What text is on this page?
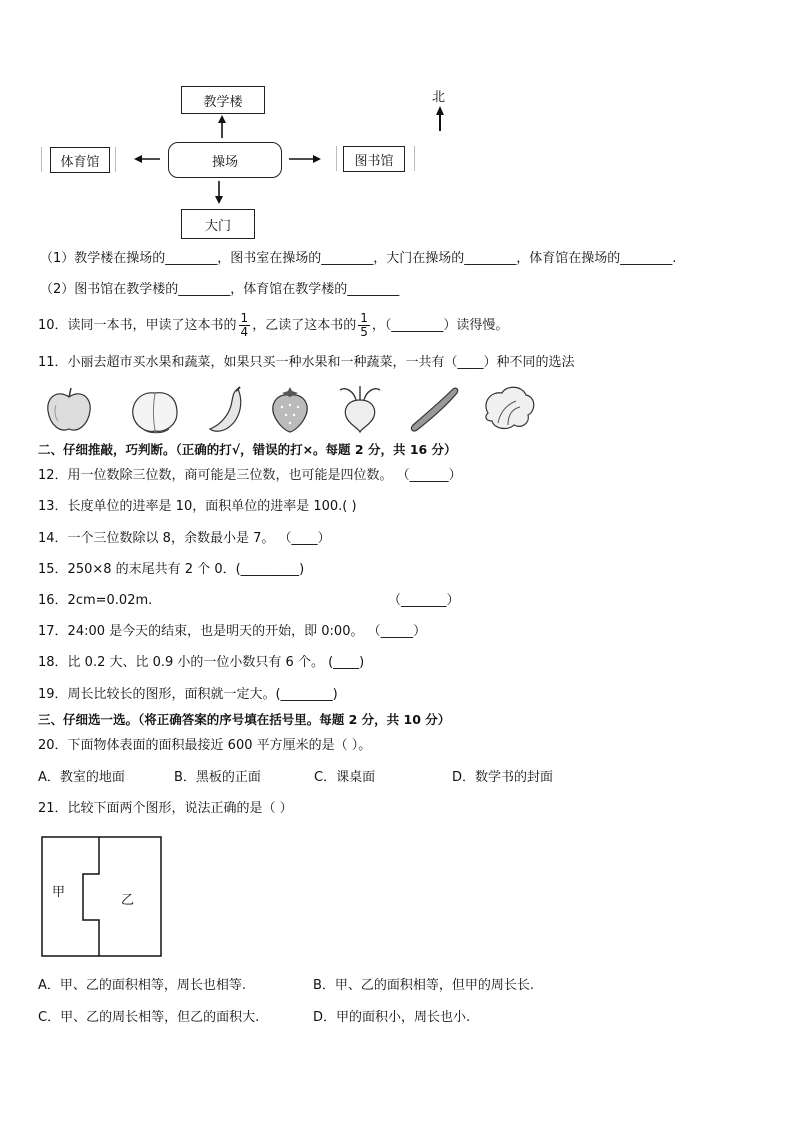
教学楼
操场
体育馆	图书馆
大门
北
（1）教学楼在操场的________，图书室在操场的________，大门在操场的________，体育馆在操场的________.
（2）图书馆在教学楼的________，体育馆在教学楼的________
10．读同一本书，甲读了这本书的 $\frac{1}{4}$ ，乙读了这本书的 $\frac{1}{5}$ ，（________）读得慢。
11．小丽去超市买水果和蔬菜，如果只买一种水果和一种蔬菜，一共有（____）种不同的选法
二、仔细推敲，巧判断。（正确的打√，错误的打×。每题 2 分，共 16 分）
12．用一位数除三位数，商可能是三位数，也可能是四位数。 （______）
13．长度单位的进率是 10，面积单位的进率是 100.( )
14．一个三位数除以 8，余数最小是 7。 （____）
15．250×8 的末尾共有 2 个 0．(_________)
16．2cm=0.02m.	（_______）
17．24:00 是今天的结束，也是明天的开始，即 0:00。 （_____）
18．比 0.2 大、比 0.9 小的一位小数只有 6 个。 (____)
19．周长比较长的图形，面积就一定大。(________)
三、仔细选一选。（将正确答案的序号填在括号里。每题 2 分，共 10 分）
20．下面物体表面的面积最接近 600 平方厘米的是（ ）。
A．教室的地面	B．黑板的正面	C．课桌面	D．数学书的封面
21．比较下面两个图形，说法正确的是（ ）
甲
乙
A．甲、乙的面积相等，周长也相等.	B．甲、乙的面积相等，但甲的周长长.
C．甲、乙的周长相等，但乙的面积大.	D．甲的面积小，周长也小.
